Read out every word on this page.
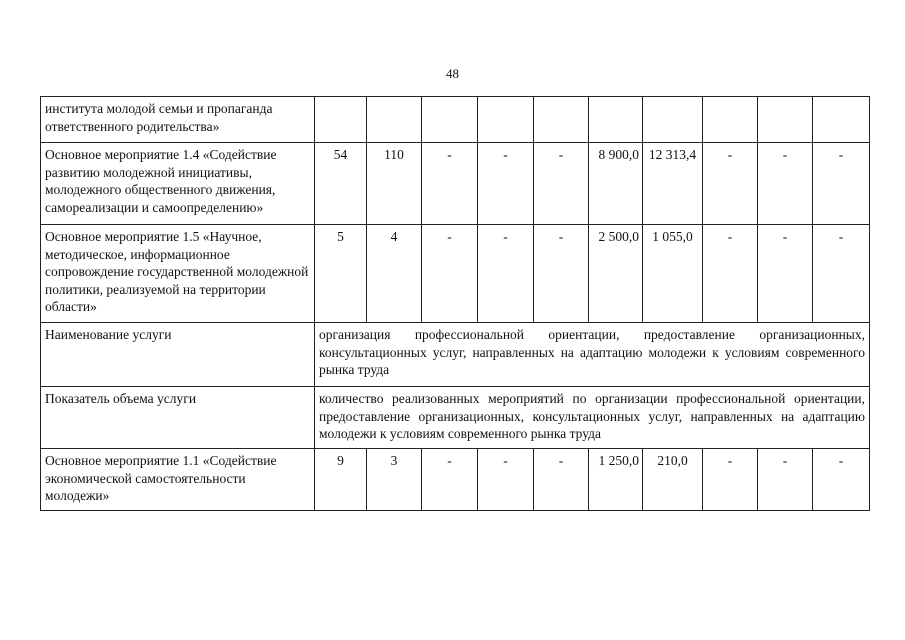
48
института молодой семьи и пропаганда ответственного родительства»										
Основное мероприятие 1.4 «Содействие развитию молодежной инициативы, молодежного общественного движения, самореализации и самоопределению»	54	110	-	-	-	8 900,0	12 313,4	-	-	-
Основное мероприятие 1.5 «Научное, методическое, информационное сопровождение государственной молодежной политики, реализуемой на территории области»	5	4	-	-	-	2 500,0	1 055,0	-	-	-
Наименование услуги	организация профессиональной ориентации, предоставление организационных, консультационных услуг, направленных на адаптацию молодежи к условиям современного рынка труда									
Показатель объема услуги	количество реализованных мероприятий по организации профессиональной ориентации, предоставление организационных, консультационных услуг, направленных на адаптацию молодежи к условиям современного рынка труда									
Основное мероприятие 1.1 «Содействие экономической самостоятельности молодежи»	9	3	-	-	-	1 250,0	210,0	-	-	-
